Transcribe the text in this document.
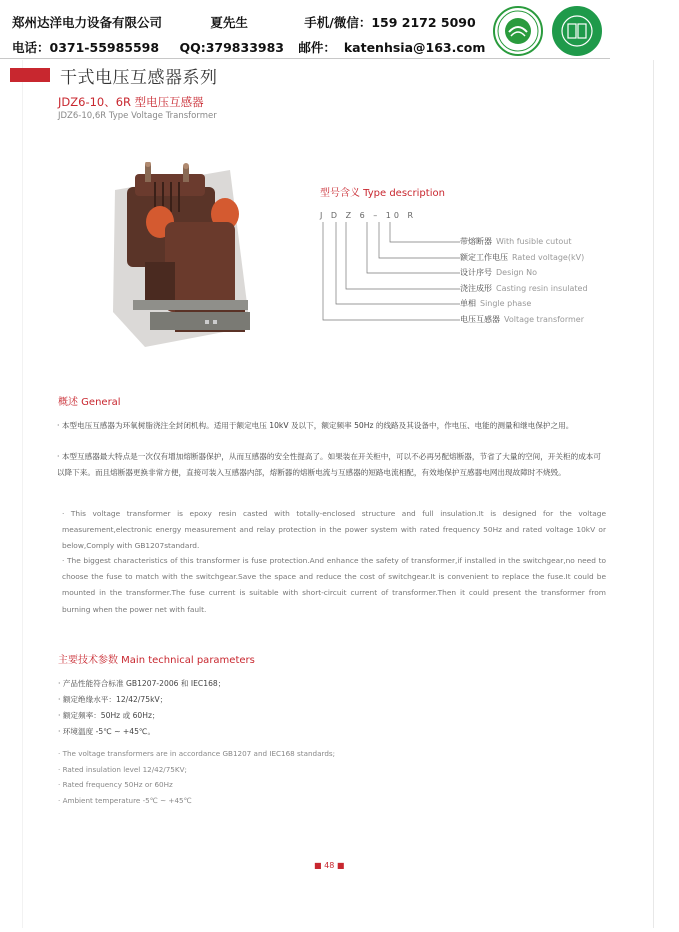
郑州达洋电力设备有限公司	夏先生	手机/微信：159 2172 5090
电话：0371-55985598 QQ:379833983 邮件： katenhsia@163.com
干式电压互感器系列
JDZ6-10、6R 型电压互感器
JDZ6-10,6R Type Voltage Transformer
型号含义 Type description
J D Z 6 – 10 R
带熔断器 With fusible cutout
额定工作电压 Rated voltage(kV)
设计序号 Design No
浇注成形 Casting resin insulated
单相 Single phase
电压互感器 Voltage transformer
概述 General
· 本型电压互感器为环氧树脂浇注全封闭机构。适用于额定电压 10kV 及以下，额定频率 50Hz 的线路及其设备中，作电压、电能的测量和继电保护之用。
· 本型互感器最大特点是一次仅有增加熔断器保护，从而互感器的安全性提高了。如果装在开关柜中，可以不必再另配熔断器，节省了大量的空间，开关柜的成本可以降下来。而且熔断器更换非常方便，直接可装入互感器内部，熔断器的熔断电流与互感器的短路电流相配，有效地保护互感器电网出现故障时不烧毁。
· This voltage transformer is epoxy resin casted with totally-enclosed structure and full insulation.It is designed for the voltage measurement,electronic energy measurement and relay protection in the power system with rated frequency 50Hz and rated voltage 10kV or below,Comply with GB1207standard.
· The biggest characteristics of this transformer is fuse protection.And enhance the safety of transformer,if installed in the switchgear,no need to choose the fuse to match with the switchgear.Save the space and reduce the cost of switchgear.It is convenient to replace the fuse.It could be mounted in the transformer.The fuse current is suitable with short-circuit current of transformer.Then it could present the transformer from burning when the power net with fault.
主要技术参数 Main technical parameters
· 产品性能符合标准 GB1207-2006 和 IEC168；
· 额定绝缘水平：12/42/75kV；
· 额定频率：50Hz 或 60Hz；
· 环境温度 -5℃ ~ +45℃。
· The voltage transformers are in accordance GB1207 and IEC168 standards;
· Rated insulation level 12/42/75KV;
· Rated frequency 50Hz or 60Hz
· Ambient temperature -5℃ ~ +45℃
■ 48 ■
